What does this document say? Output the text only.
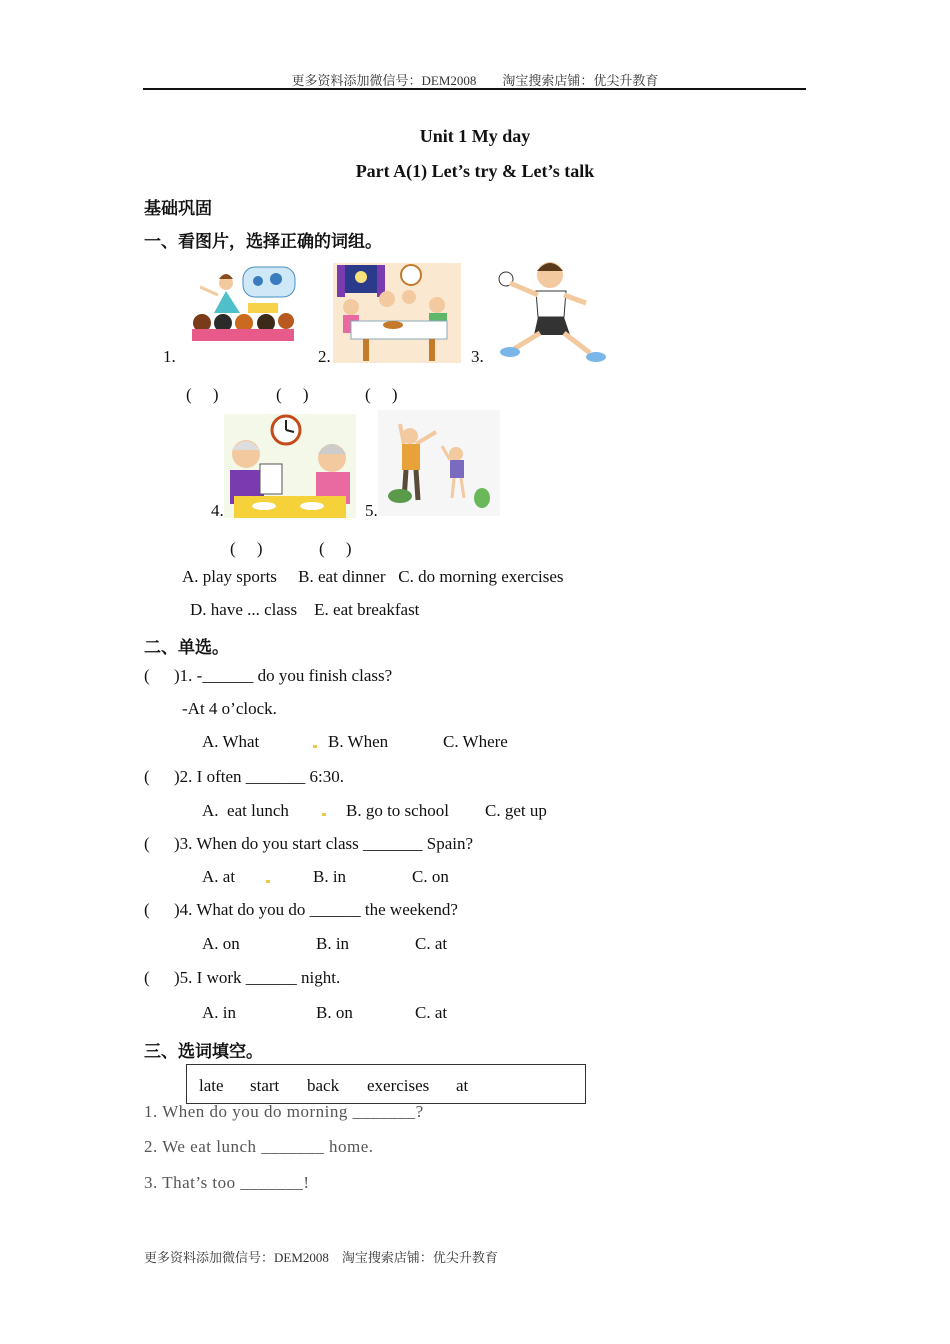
更多资料添加微信号：DEM2008　　淘宝搜索店铺：优尖升教育
Unit 1 My day
Part A(1) Let’s try & Let’s talk
基础巩固
一、看图片，选择正确的词组。
1.	2.	3.
(　 )	(　 )	(　 )
4.	5.
(　 )	(　 )
A. play sports     B. eat dinner   C. do morning exercises
D. have ... class    E. eat breakfast
二、单选。
( )1. -______ do you finish class?
-At 4 o’clock.
A. What	B. When	C. Where
( )2. I often _______ 6:30.
A.  eat lunch	B. go to school C. get up
( )3. When do you start class _______ Spain?
A. at	B. in	C. on
( )4. What do you do ______ the weekend?
A. on	B. in	C. at
( )5. I work ______ night.
A. in	B. on	C. at
三、选词填空。
late start back exercises at
1. When do you do morning _______?
2. We eat lunch _______ home.
3. That’s too _______!
更多资料添加微信号：DEM2008　淘宝搜索店铺：优尖升教育
